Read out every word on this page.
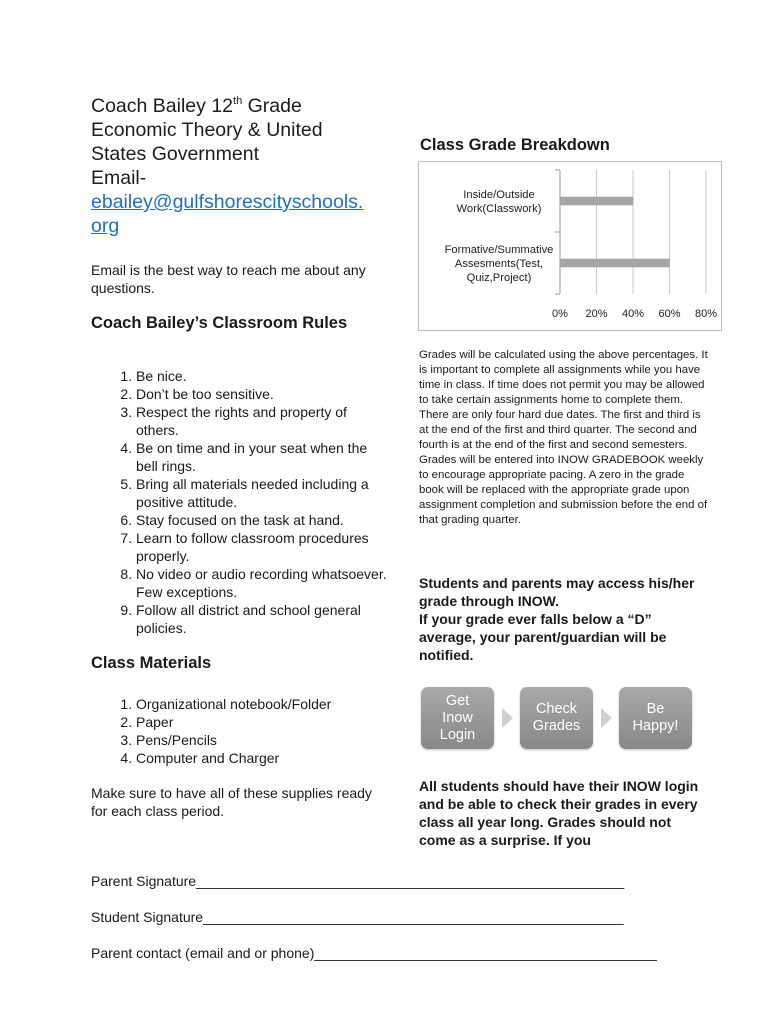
Coach Bailey 12th Grade
Economic Theory & United
States Government
Email-
ebailey@gulfshorescityschools.
org
Email is the best way to reach me about any questions.
Coach Bailey’s Classroom Rules
1. Be nice.
2. Don’t be too sensitive.
3. Respect the rights and property of others.
4. Be on time and in your seat when the bell rings.
5. Bring all materials needed including a positive attitude.
6. Stay focused on the task at hand.
7. Learn to follow classroom procedures properly.
8. No video or audio recording whatsoever. Few exceptions.
9. Follow all district and school general policies.
Class Materials
1. Organizational notebook/Folder
2. Paper
3. Pens/Pencils
4. Computer and Charger
Make sure to have all of these supplies ready for each class period.
Class Grade Breakdown
0% 20% 40% 60% 80%
Inside/Outside
Work(Classwork)
Formative/Summative
Assesments(Test,
Quiz,Project)
Grades will be calculated using the above percentages. It is important to complete all assignments while you have time in class. If time does not permit you may be allowed to take certain assignments home to complete them. There are only four hard due dates. The first and third is at the end of the first and third quarter. The second and fourth is at the end of the first and second semesters. Grades will be entered into INOW GRADEBOOK weekly to encourage appropriate pacing. A zero in the grade book will be replaced with the appropriate grade upon assignment completion and submission before the end of that grading quarter.
Students and parents may access his/her grade through INOW.
If your grade ever falls below a “D” average, your parent/guardian will be notified.
Get
Inow
Login
Check
Grades
Be
Happy!
All students should have their INOW login and be able to check their grades in every class all year long. Grades should not come as a surprise. If you
Parent Signature_______________________________________________________
Student Signature______________________________________________________
Parent contact (email and or phone)____________________________________________
